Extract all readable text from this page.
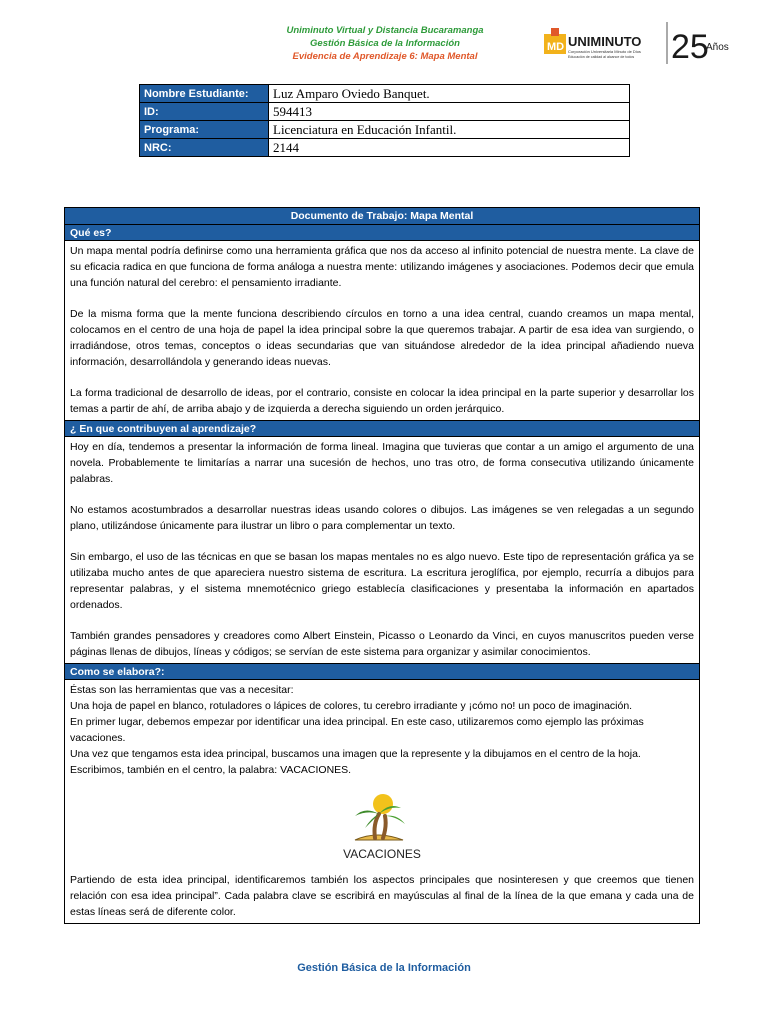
Uniminuto Virtual y Distancia Bucaramanga
Gestión Básica de la Información
Evidencia de Aprendizaje 6: Mapa Mental
MD UNIMINUTO
Corporación Universitaria Minuto de Dios
Educación de calidad al alcance de todos 25
Años
Nombre Estudiante:	Luz Amparo Oviedo Banquet.
ID:	594413
Programa:	Licenciatura en Educación Infantil.
NRC:	2144
Documento de Trabajo: Mapa Mental
Qué es?

Un mapa mental podría definirse como una herramienta gráfica que nos da acceso al infinito potencial de nuestra mente. La clave de su eficacia radica en que funciona de forma análoga a nuestra mente: utilizando imágenes y asociaciones. Podemos decir que emula una función natural del cerebro: el pensamiento irradiante.

De la misma forma que la mente funciona describiendo círculos en torno a una idea central, cuando creamos un mapa mental, colocamos en el centro de una hoja de papel la idea principal sobre la que queremos trabajar. A partir de esa idea van surgiendo, o irradiándose, otros temas, conceptos o ideas secundarias que van situándose alrededor de la idea principal añadiendo nueva información, desarrollándola y generando ideas nuevas.

La forma tradicional de desarrollo de ideas, por el contrario, consiste en colocar la idea principal en la parte superior y desarrollar los temas a partir de ahí, de arriba abajo y de izquierda a derecha siguiendo un orden jerárquico.

¿ En que contribuyen al aprendizaje?

Hoy en día, tendemos a presentar la información de forma lineal. Imagina que tuvieras que contar a un amigo el argumento de una novela. Probablemente te limitarías a narrar una sucesión de hechos, uno tras otro, de forma consecutiva utilizando únicamente palabras.

No estamos acostumbrados a desarrollar nuestras ideas usando colores o dibujos. Las imágenes se ven relegadas a un segundo plano, utilizándose únicamente para ilustrar un libro o para complementar un texto.

Sin embargo, el uso de las técnicas en que se basan los mapas mentales no es algo nuevo. Este tipo de representación gráfica ya se utilizaba mucho antes de que apareciera nuestro sistema de escritura. La escritura jeroglífica, por ejemplo, recurría a dibujos para representar palabras, y el sistema mnemotécnico griego establecía clasificaciones y presentaba la información en apartados ordenados.

También grandes pensadores y creadores como Albert Einstein, Picasso o Leonardo da Vinci, en cuyos manuscritos pueden verse páginas llenas de dibujos, líneas y códigos; se servían de este sistema para organizar y asimilar conocimientos.

Como se elabora?:

Éstas son las herramientas que vas a necesitar:

Una hoja de papel en blanco, rotuladores o lápices de colores, tu cerebro irradiante y ¡cómo no! un poco de imaginación.

En primer lugar, debemos empezar por identificar una idea principal. En este caso, utilizaremos como ejemplo las próximas vacaciones.

Una vez que tengamos esta idea principal, buscamos una imagen que la represente y la dibujamos en el centro de la hoja. Escribimos, también en el centro, la palabra: VACACIONES.

VACACIONES

Partiendo de esta idea principal, identificaremos también los aspectos principales que nosinteresen y que creemos que tienen relación con esa idea principal”. Cada palabra clave se escribirá en mayúsculas al final de la línea de la que emana y cada una de estas líneas será de diferente color.

Gestión Básica de la Información
